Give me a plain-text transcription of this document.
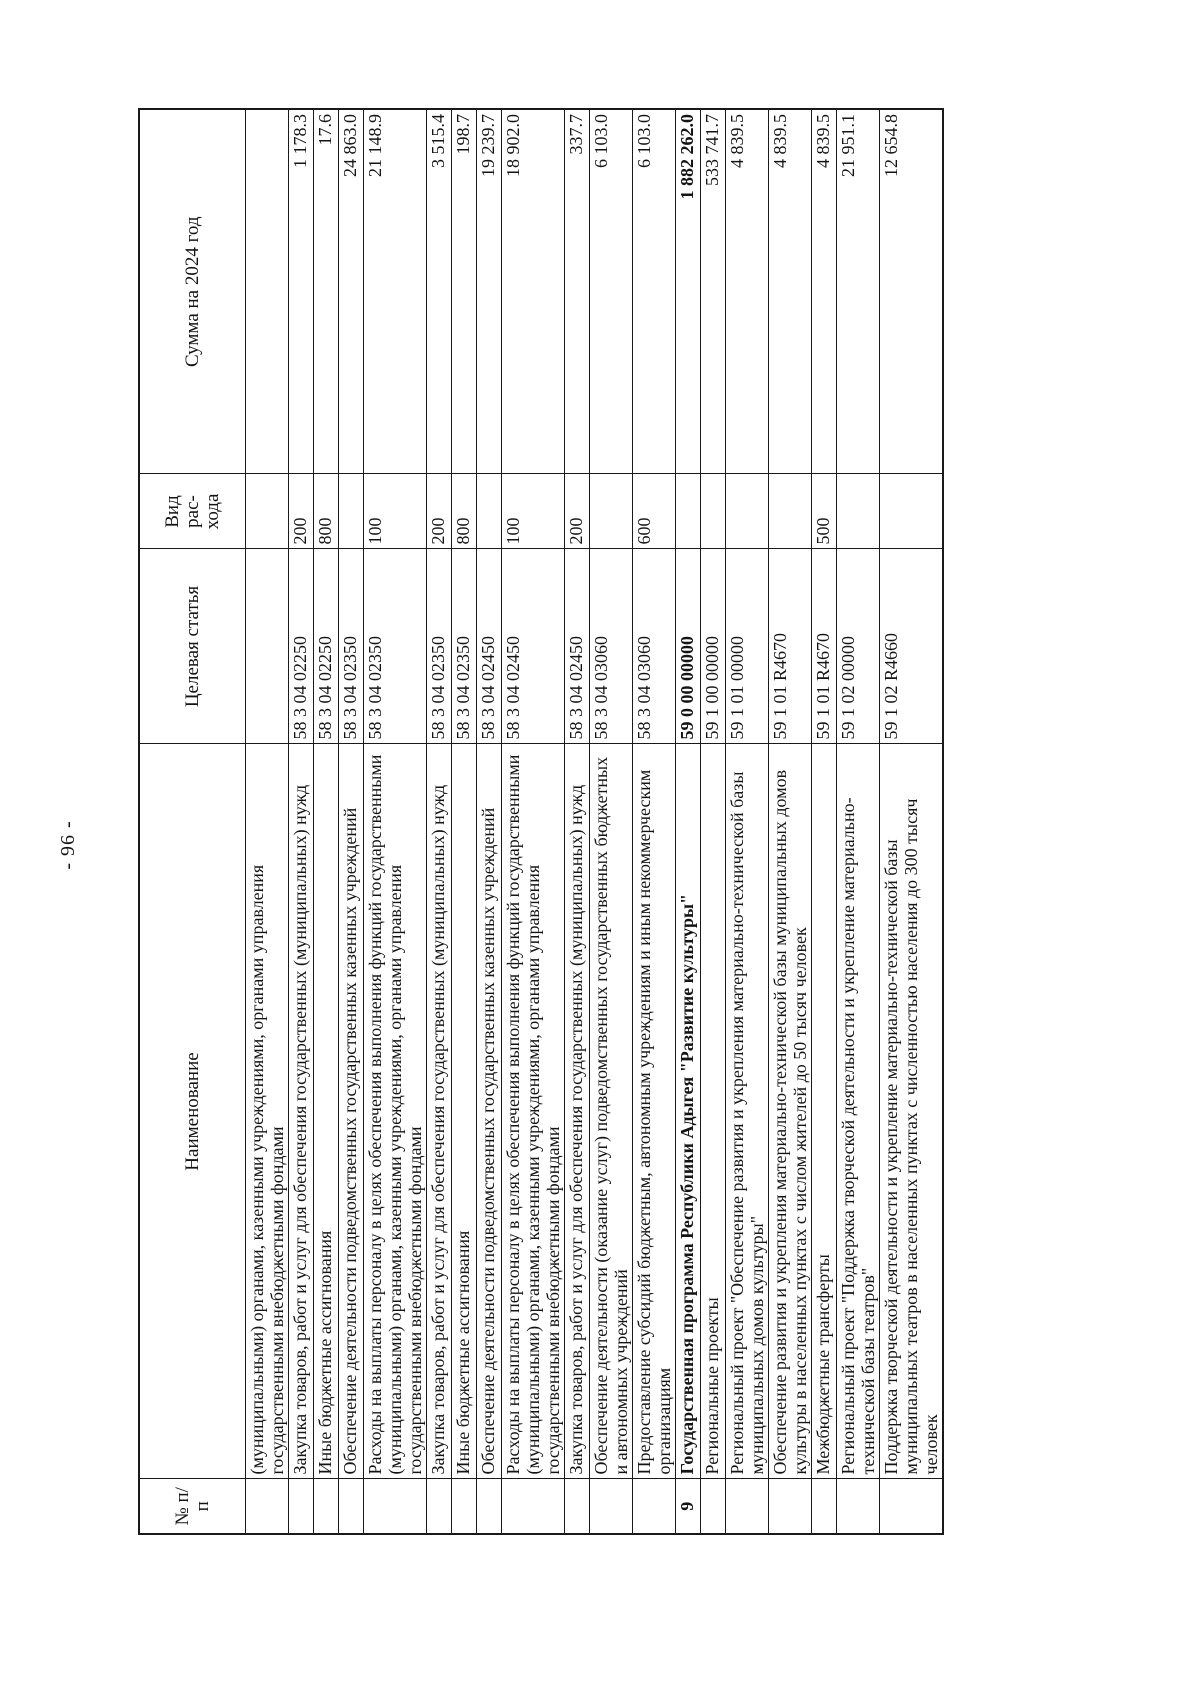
- 96 -
№ п/п	Наименование	Целевая статья	Вид рас-хода	Сумма на 2024 год
	(муниципальными) органами, казенными учреждениями, органами управления государственными внебюджетными фондами			
	Закупка товаров, работ и услуг для обеспечения государственных (муниципальных) нужд	58 3 04 02250	200	1 178.3
	Иные бюджетные ассигнования	58 3 04 02250	800	17.6
	Обеспечение деятельности подведомственных государственных казенных учреждений	58 3 04 02350		24 863.0
	Расходы на выплаты персоналу в целях обеспечения выполнения функций государственными (муниципальными) органами, казенными учреждениями, органами управления государственными внебюджетными фондами	58 3 04 02350	100	21 148.9
	Закупка товаров, работ и услуг для обеспечения государственных (муниципальных) нужд	58 3 04 02350	200	3 515.4
	Иные бюджетные ассигнования	58 3 04 02350	800	198.7
	Обеспечение деятельности подведомственных государственных казенных учреждений	58 3 04 02450		19 239.7
	Расходы на выплаты персоналу в целях обеспечения выполнения функций государственными (муниципальными) органами, казенными учреждениями, органами управления государственными внебюджетными фондами	58 3 04 02450	100	18 902.0
	Закупка товаров, работ и услуг для обеспечения государственных (муниципальных) нужд	58 3 04 02450	200	337.7
	Обеспечение деятельности (оказание услуг) подведомственных государственных бюджетных и автономных учреждений	58 3 04 03060		6 103.0
	Предоставление субсидий бюджетным, автономным учреждениям и иным некоммерческим организациям	58 3 04 03060	600	6 103.0
9	Государственная программа Республики Адыгея "Развитие культуры"	59 0 00 00000		1 882 262.0
	Региональные проекты	59 1 00 00000		533 741.7
	Региональный проект "Обеспечение развития и укрепления материально-технической базы муниципальных домов культуры"	59 1 01 00000		4 839.5
	Обеспечение развития и укрепления материально-технической базы муниципальных домов культуры в населенных пунктах с числом жителей до 50 тысяч человек	59 1 01 R4670		4 839.5
	Межбюджетные трансферты	59 1 01 R4670	500	4 839.5
	Региональный проект "Поддержка творческой деятельности и укрепление материально-технической базы театров"	59 1 02 00000		21 951.1
	Поддержка творческой деятельности и укрепление материально-технической базы муниципальных театров в населенных пунктах с численностью населения до 300 тысяч человек	59 1 02 R4660		12 654.8
